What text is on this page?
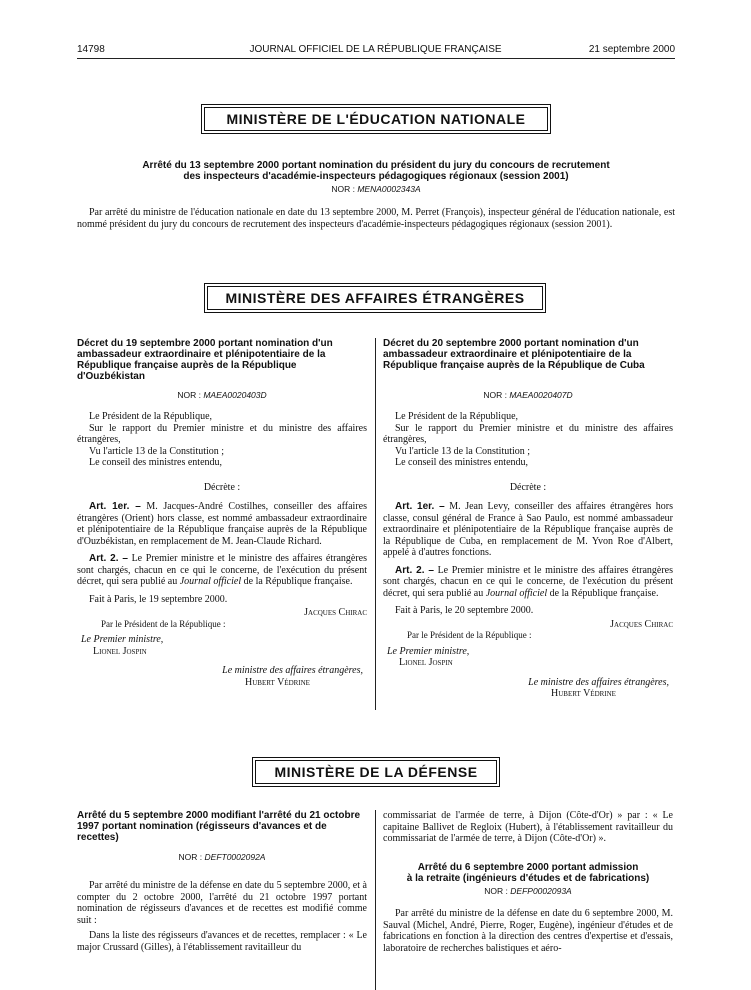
14798	JOURNAL OFFICIEL DE LA RÉPUBLIQUE FRANÇAISE	21 septembre 2000
MINISTÈRE DE L'ÉDUCATION NATIONALE
Arrêté du 13 septembre 2000 portant nomination du président du jury du concours de recrutement
des inspecteurs d'académie-inspecteurs pédagogiques régionaux (session 2001)
NOR : MENA0002343A

Par arrêté du ministre de l'éducation nationale en date du 13 septembre 2000, M. Perret (François), inspecteur général de l'éducation nationale, est nommé président du jury du concours de recrutement des inspecteurs d'académie-inspecteurs pédagogiques régionaux (session 2001).

MINISTÈRE DES AFFAIRES ÉTRANGÈRES
Décret du 19 septembre 2000 portant nomination d'un ambassadeur extraordinaire et plénipotentiaire de la République française auprès de la République d'Ouzbékistan
NOR : MAEA0020403D

Le Président de la République,

Sur le rapport du Premier ministre et du ministre des affaires étrangères,

Vu l'article 13 de la Constitution ;

Le conseil des ministres entendu,

Décrète :

Art. 1er. – M. Jacques-André Costilhes, conseiller des affaires étrangères (Orient) hors classe, est nommé ambassadeur extraordinaire et plénipotentiaire de la République française auprès de la République d'Ouzbékistan, en remplacement de M. Jean-Claude Richard.

Art. 2. – Le Premier ministre et le ministre des affaires étrangères sont chargés, chacun en ce qui le concerne, de l'exécution du présent décret, qui sera publié au Journal officiel de la République française.

Fait à Paris, le 19 septembre 2000.

Jacques Chirac

Par le Président de la République :

Le Premier ministre,

Lionel Jospin

Le ministre des affaires étrangères,

Hubert Védrine

Décret du 20 septembre 2000 portant nomination d'un ambassadeur extraordinaire et plénipotentiaire de la République française auprès de la République de Cuba
NOR : MAEA0020407D

Le Président de la République,

Sur le rapport du Premier ministre et du ministre des affaires étrangères,

Vu l'article 13 de la Constitution ;

Le conseil des ministres entendu,

Décrète :

Art. 1er. – M. Jean Levy, conseiller des affaires étrangères hors classe, consul général de France à Sao Paulo, est nommé ambassadeur extraordinaire et plénipotentiaire de la République française auprès de la République de Cuba, en remplacement de M. Yvon Roe d'Albert, appelé à d'autres fonctions.

Art. 2. – Le Premier ministre et le ministre des affaires étrangères sont chargés, chacun en ce qui le concerne, de l'exécution du présent décret, qui sera publié au Journal officiel de la République française.

Fait à Paris, le 20 septembre 2000.

Jacques Chirac

Par le Président de la République :

Le Premier ministre,

Lionel Jospin

Le ministre des affaires étrangères,

Hubert Védrine

MINISTÈRE DE LA DÉFENSE
Arrêté du 5 septembre 2000 modifiant l'arrêté du 21 octobre 1997 portant nomination (régisseurs d'avances et de recettes)
NOR : DEFT0002092A

Par arrêté du ministre de la défense en date du 5 septembre 2000, et à compter du 2 octobre 2000, l'arrêté du 21 octobre 1997 portant nomination de régisseurs d'avances et de recettes est modifié comme suit :

Dans la liste des régisseurs d'avances et de recettes, remplacer : « Le major Crussard (Gilles), à l'établissement ravitailleur du

commissariat de l'armée de terre, à Dijon (Côte-d'Or) » par : « Le capitaine Ballivet de Regloix (Hubert), à l'établissement ravitailleur du commissariat de l'armée de terre, à Dijon (Côte-d'Or) ».

Arrêté du 6 septembre 2000 portant admission
à la retraite (ingénieurs d'études et de fabrications)
NOR : DEFP0002093A

Par arrêté du ministre de la défense en date du 6 septembre 2000, M. Sauval (Michel, André, Pierre, Roger, Eugène), ingénieur d'études et de fabrications en fonction à la direction des centres d'expertise et d'essais, laboratoire de recherches balistiques et aéro-
